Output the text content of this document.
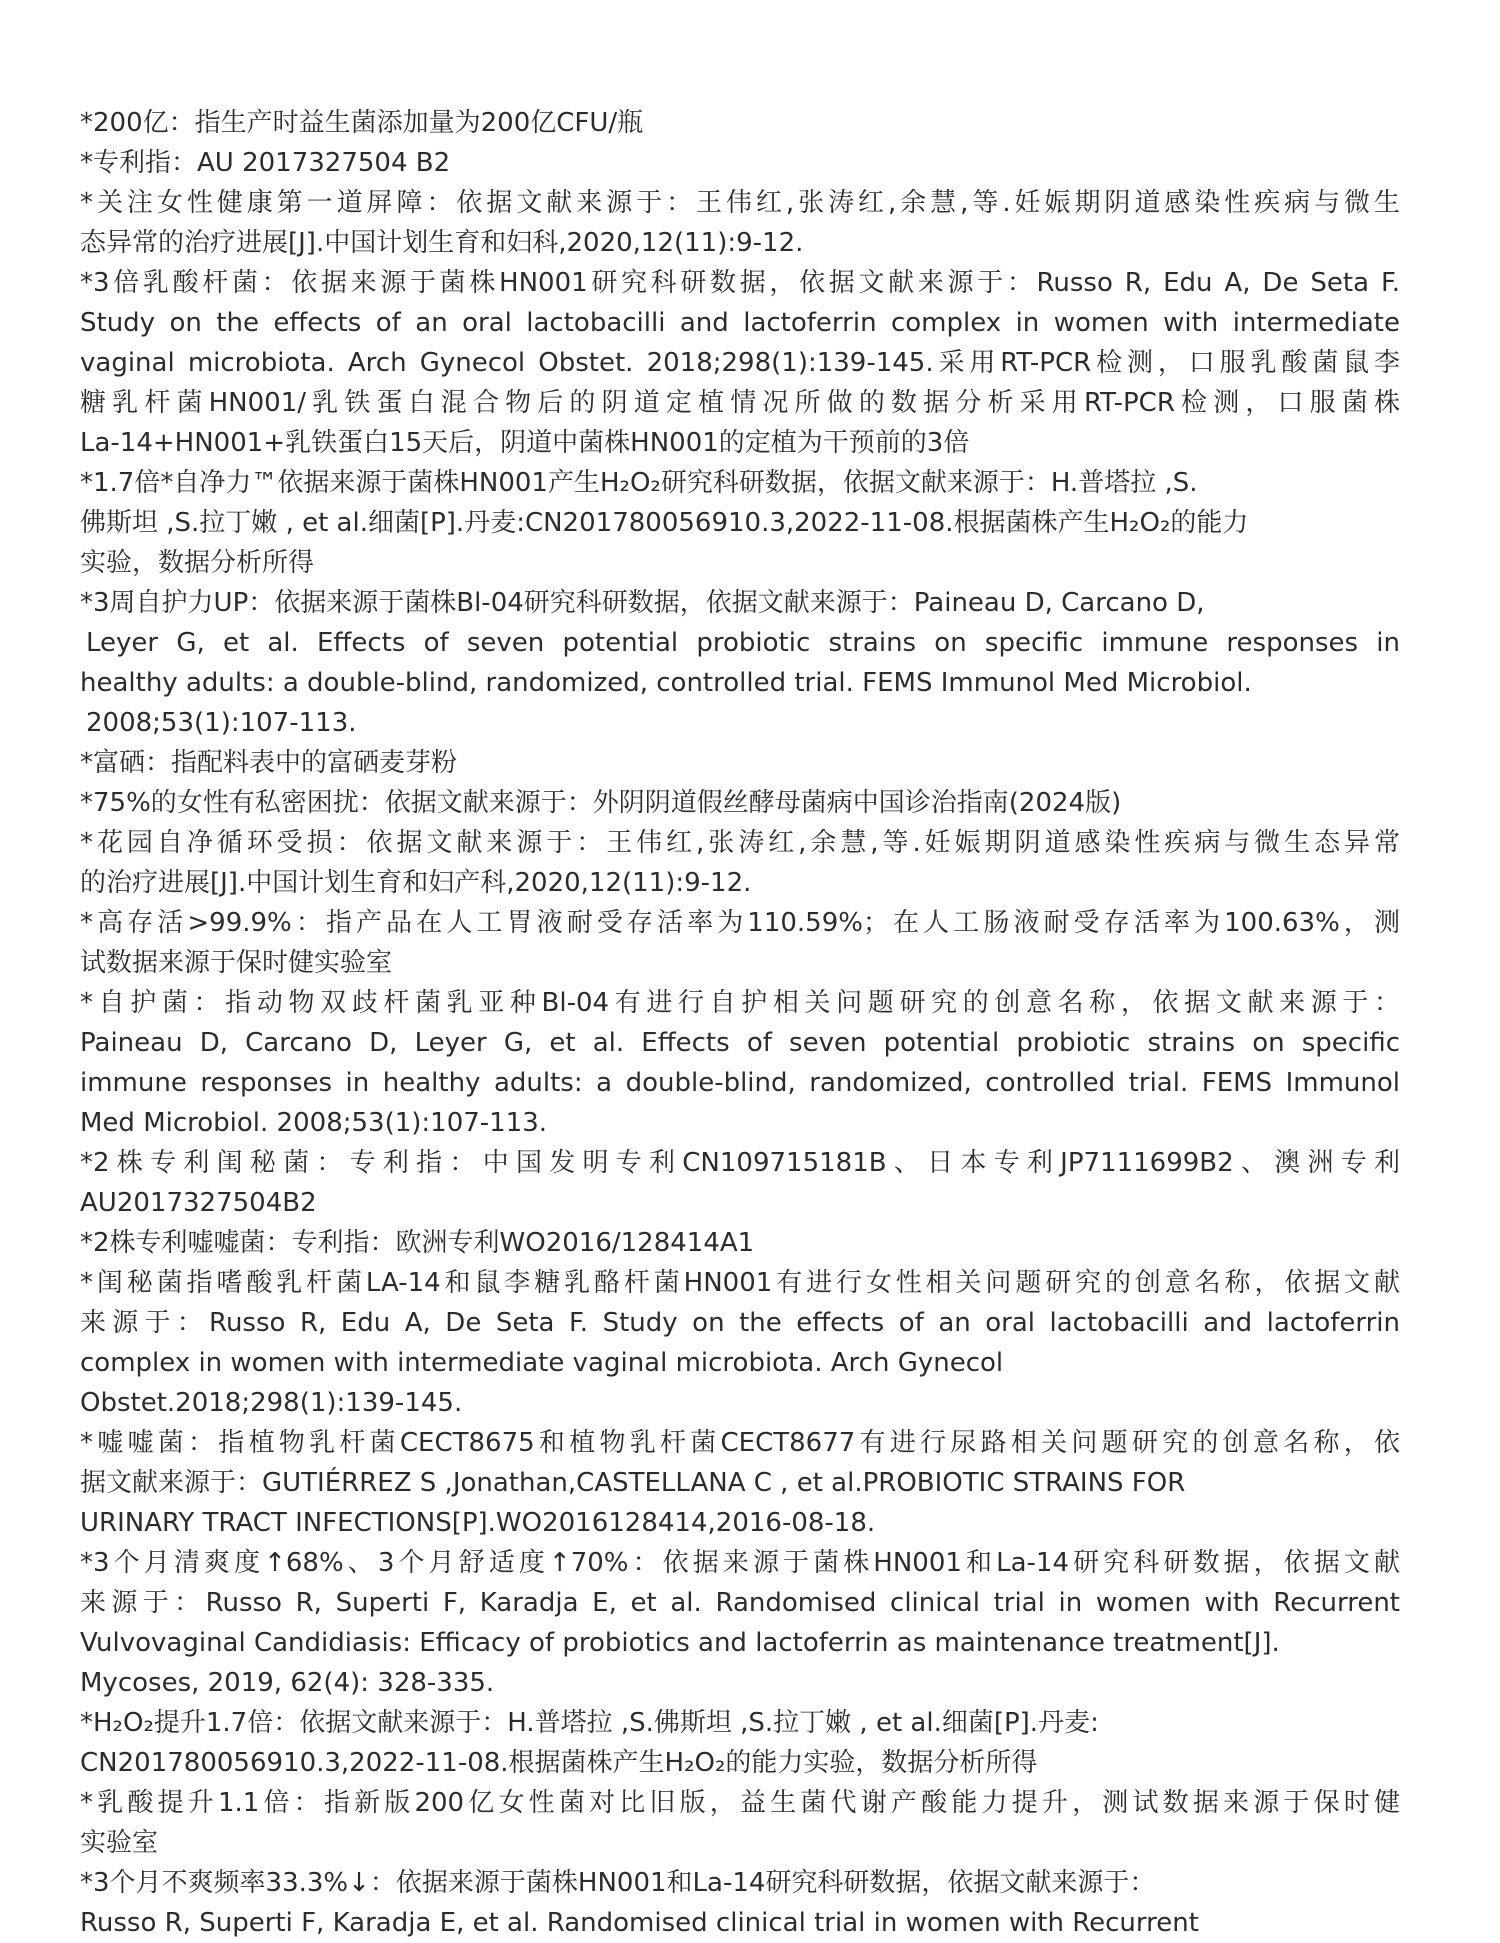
*200亿：指生产时益生菌添加量为200亿CFU/瓶
*专利指：AU 2017327504 B2
*关注女性健康第一道屏障：依据文献来源于：王伟红,张涛红,余慧,等.妊娠期阴道感染性疾病与微生
态异常的治疗进展[J].中国计划生育和妇科,2020,12(11):9-12.
*3倍乳酸杆菌：依据来源于菌株HN001研究科研数据，依据文献来源于：Russo R, Edu A, De Seta F.
Study on the effects of an oral lactobacilli and lactoferrin complex in women with intermediate
vaginal microbiota. Arch Gynecol Obstet. 2018;298(1):139-145.采用RT-PCR检测，口服乳酸菌鼠李
糖乳杆菌HN001/乳铁蛋白混合物后的阴道定植情况所做的数据分析采用RT-PCR检测，口服菌株
La-14+HN001+乳铁蛋白15天后，阴道中菌株HN001的定植为干预前的3倍
*1.7倍*自净力™依据来源于菌株HN001产生H₂O₂研究科研数据，依据文献来源于：H.普塔拉 ,S.
佛斯坦 ,S.拉丁嫩 , et al.细菌[P].丹麦:CN201780056910.3,2022-11-08.根据菌株产生H₂O₂的能力
实验，数据分析所得
*3周自护力UP：依据来源于菌株Bl-04研究科研数据，依据文献来源于：Paineau D, Carcano D,
Leyer G, et al. Effects of seven potential probiotic strains on specific immune responses in
healthy adults: a double-blind, randomized, controlled trial. FEMS Immunol Med Microbiol.
2008;53(1):107-113.
*富硒：指配料表中的富硒麦芽粉
*75%的女性有私密困扰：依据文献来源于：外阴阴道假丝酵母菌病中国诊治指南(2024版)
*花园自净循环受损：依据文献来源于：王伟红,张涛红,余慧,等.妊娠期阴道感染性疾病与微生态异常
的治疗进展[J].中国计划生育和妇产科,2020,12(11):9-12.
*高存活>99.9%：指产品在人工胃液耐受存活率为110.59%；在人工肠液耐受存活率为100.63%，测
试数据来源于保时健实验室
*自护菌：指动物双歧杆菌乳亚种Bl-04有进行自护相关问题研究的创意名称，依据文献来源于：
Paineau D, Carcano D, Leyer G, et al. Effects of seven potential probiotic strains on specific
immune responses in healthy adults: a double-blind, randomized, controlled trial. FEMS Immunol
Med Microbiol. 2008;53(1):107-113.
*2株专利闺秘菌：专利指：中国发明专利CN109715181B、日本专利JP7111699B2、澳洲专利
AU2017327504B2
*2株专利嘘嘘菌：专利指：欧洲专利WO2016/128414A1
*闺秘菌指嗜酸乳杆菌LA-14和鼠李糖乳酪杆菌HN001有进行女性相关问题研究的创意名称，依据文献
来源于：Russo R, Edu A, De Seta F. Study on the effects of an oral lactobacilli and lactoferrin
complex in women with intermediate vaginal microbiota. Arch Gynecol
Obstet.2018;298(1):139-145.
*嘘嘘菌：指植物乳杆菌CECT8675和植物乳杆菌CECT8677有进行尿路相关问题研究的创意名称，依
据文献来源于：GUTIÉRREZ S ,Jonathan,CASTELLANA C , et al.PROBIOTIC STRAINS FOR
URINARY TRACT INFECTIONS[P].WO2016128414,2016-08-18.
*3个月清爽度↑68%、3个月舒适度↑70%：依据来源于菌株HN001和La-14研究科研数据，依据文献
来源于：Russo R, Superti F, Karadja E, et al. Randomised clinical trial in women with Recurrent
Vulvovaginal Candidiasis: Efficacy of probiotics and lactoferrin as maintenance treatment[J].
Mycoses, 2019, 62(4): 328-335.
*H₂O₂提升1.7倍：依据文献来源于：H.普塔拉 ,S.佛斯坦 ,S.拉丁嫩 , et al.细菌[P].丹麦:
CN201780056910.3,2022-11-08.根据菌株产生H₂O₂的能力实验，数据分析所得
*乳酸提升1.1倍：指新版200亿女性菌对比旧版，益生菌代谢产酸能力提升，测试数据来源于保时健
实验室
*3个月不爽频率33.3%↓：依据来源于菌株HN001和La-14研究科研数据，依据文献来源于：
Russo R, Superti F, Karadja E, et al. Randomised clinical trial in women with Recurrent
